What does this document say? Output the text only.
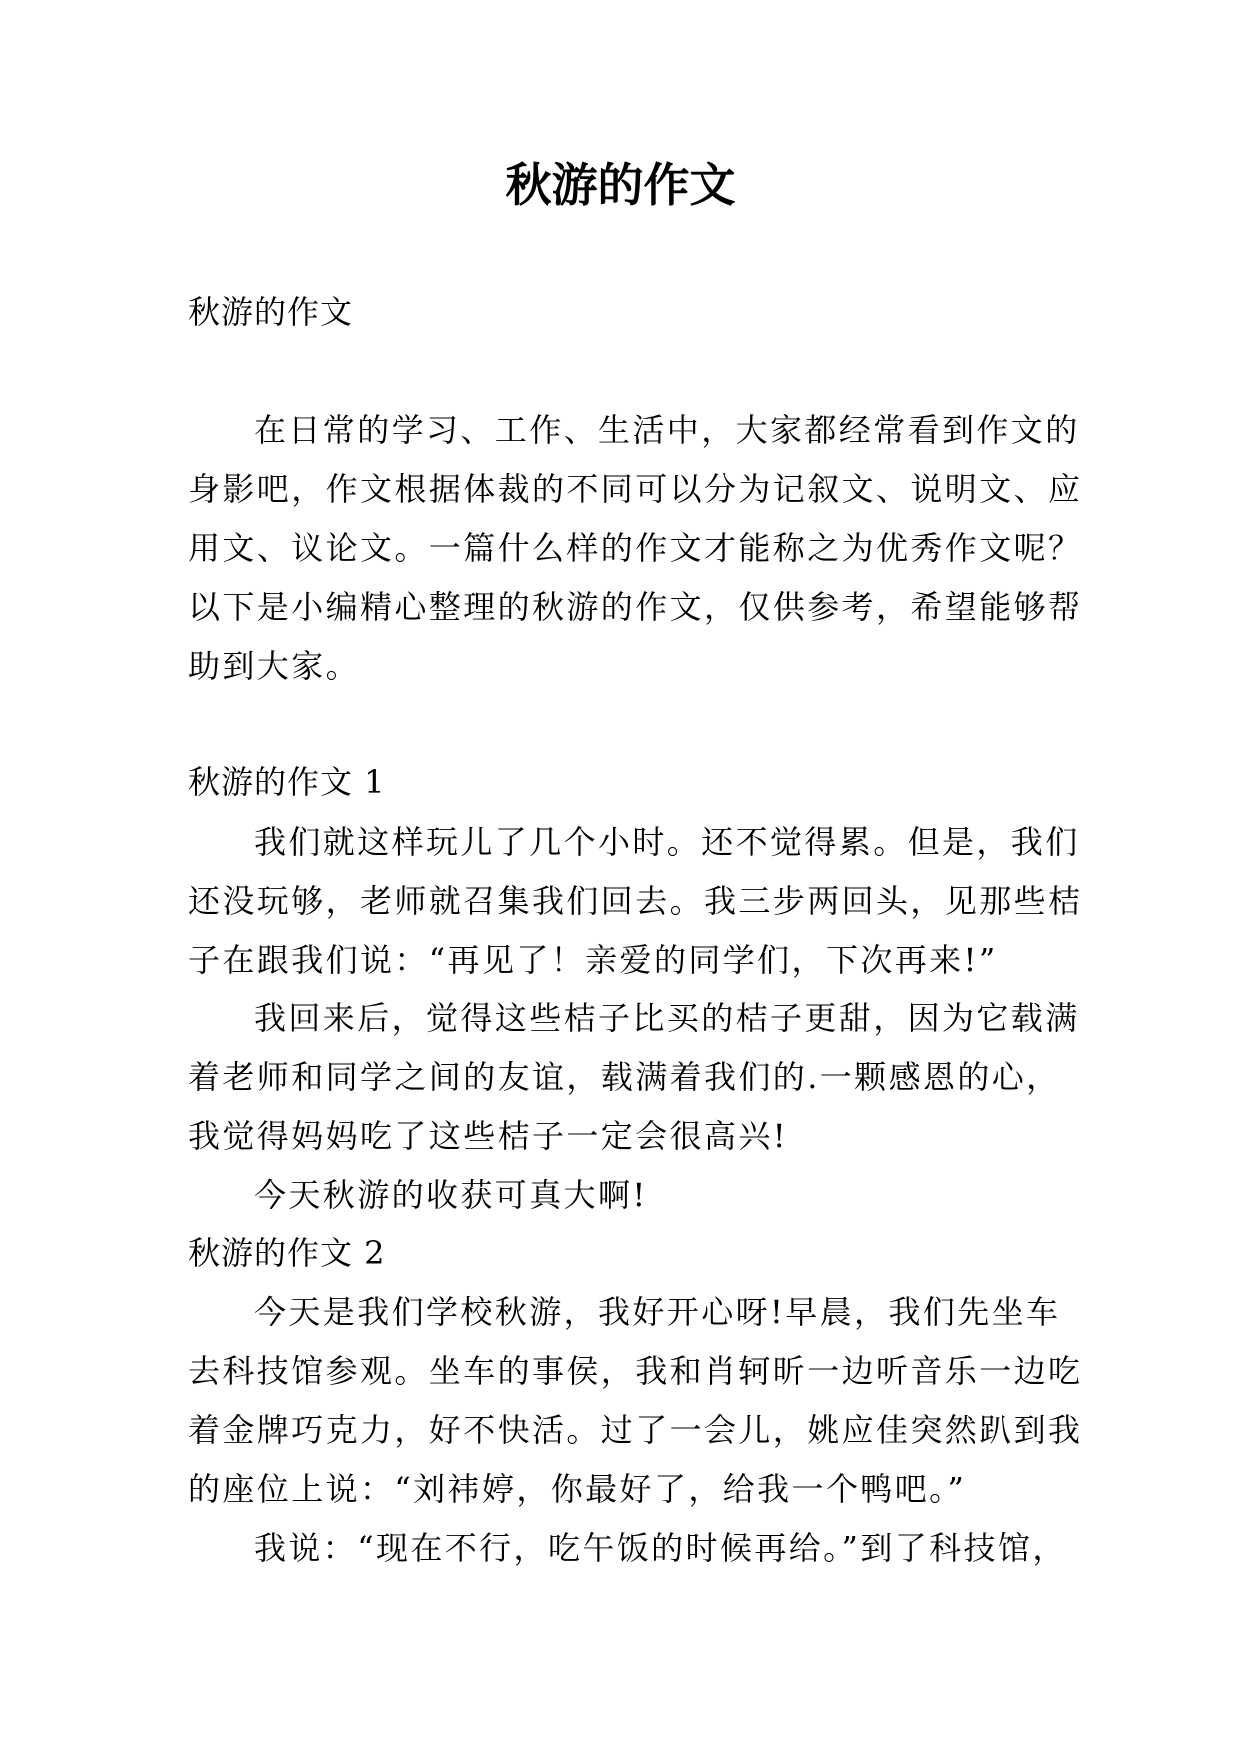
秋游的作文

秋游的作文

在日常的学习、工作、生活中，大家都经常看到作文的

身影吧，作文根据体裁的不同可以分为记叙文、说明文、应

用文、议论文。一篇什么样的作文才能称之为优秀作文呢？

以下是小编精心整理的秋游的作文，仅供参考，希望能够帮

助到大家。

秋游的作文 1

我们就这样玩儿了几个小时。还不觉得累。但是，我们

还没玩够，老师就召集我们回去。我三步两回头，见那些桔

子在跟我们说：“再见了！亲爱的同学们，下次再来!”

我回来后，觉得这些桔子比买的桔子更甜，因为它载满

着老师和同学之间的友谊，载满着我们的.一颗感恩的心，

我觉得妈妈吃了这些桔子一定会很高兴!

今天秋游的收获可真大啊!

秋游的作文 2

今天是我们学校秋游，我好开心呀!早晨，我们先坐车

去科技馆参观。坐车的事侯，我和肖轲昕一边听音乐一边吃

着金牌巧克力，好不快活。过了一会儿，姚应佳突然趴到我

的座位上说：“刘祎婷，你最好了，给我一个鸭吧。”

我说：“现在不行，吃午饭的时候再给。”到了科技馆，
